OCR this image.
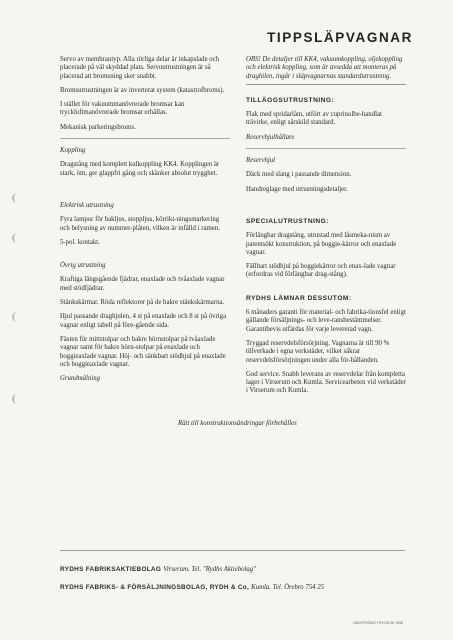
TIPPSLÄPVAGNAR

Servo av membrantyp. Alla rörliga delar är inkapslade och placerade på väl skyddad plats. Servoutrustningen är så placerad att bromsning sker snabbt.

Bromsutrustningen är av inverterat system (katastrofbroms).

I stället för vakuummanövrerade bromsar kan tryckluftmanövrerade bromsar erhållas.

Mekanisk parkeringsbroms.

Koppling

Dragstång med komplett kulkoppling KK4. Kopplingen är stark, öm, ger glappfri gång och skänker absolut trygghet.

Elektrisk utrustning

Fyra lampor för bakljus, stoppljus, körrikt-ningsmarkering och belysning av nummer-plåten, vilken är infälld i ramen.

5-pol. kontakt.

Övrig utrustning

Kraftiga längsgående fjädrar, enaxlade och tvåaxlade vagnar med stödfjädrar.

Stänkskärmar. Röda reflektorer på de bakre stänkskärmarna.

Hjul passande draghjulen, 4 st på enaxlade och 8 st på övriga vagnar enligt tabell på före-gående sida.

Fästen för mittstolpar och bakre hörnstolpar på tvåaxlade vagnar samt för bakre hörn-stolpar på enaxlade och boggieaxlade vagnar. Höj- och sänkbart stödhjul på enaxlade och boggieaxlade vagnar.

Grundmålning

OBS! De detaljer till KK4, vakuumkoppling, oljekoppling och elektrisk koppling, som är avsedda att monteras på draghilen, ingår i släpvagnarnas standardutrustning.

TILLÄGGSUTRUSTNING:

Flak med spridarlåm, utfört av cuprinolbe-handlat trävirke, enligt särskild standard.

Reservhjulhållare

Reservhjul

Däck med slang i passande dimension.

Handreglage med utrustningsdetaljer.

SPECIALUTRUSTNING:

Förlängbar dragstång, utrustad med låsmeka-nism av patentsökt konstruktion, på boggie-kärror och enaxlade vagnar.

Fällbart stödhjul på boggiekärror och enax-lade vagnar (erfordras vid förlängbar drag-stång).

RYDHS LÄMNAR DESSUTOM:

6 månaders garanti för material- och fabrika-tionsfel enligt gällande försäljnings- och leve-ransbestämmelser. Garantibevis utfärdas för varje levererad vagn.

Tryggad reservdelsförsörjning. Vagnarna är till 90 % tillverkade i egna verkstäder, vilket säkrar reservdelsförsörjningen under alla för-hållanden.

God service. Snabb leverans av reservdelar från kompletta lager i Virserum och Kumla. Servicearbeten vid verkstäder i Virserum och Kumla.

Rätt till konstruktionsändringar förbehålles
RYDHS FABRIKSAKTIEBOLAG Virserum. Tel. "Rydhs Aktiebolag"
RYDHS FABRIKS- & FÖRSÄLJNINGSBOLAG, RYDH & Co, Kumla. Tel. Örebro 754 25
LINDSTRÖMS TRYCKERI 1958
